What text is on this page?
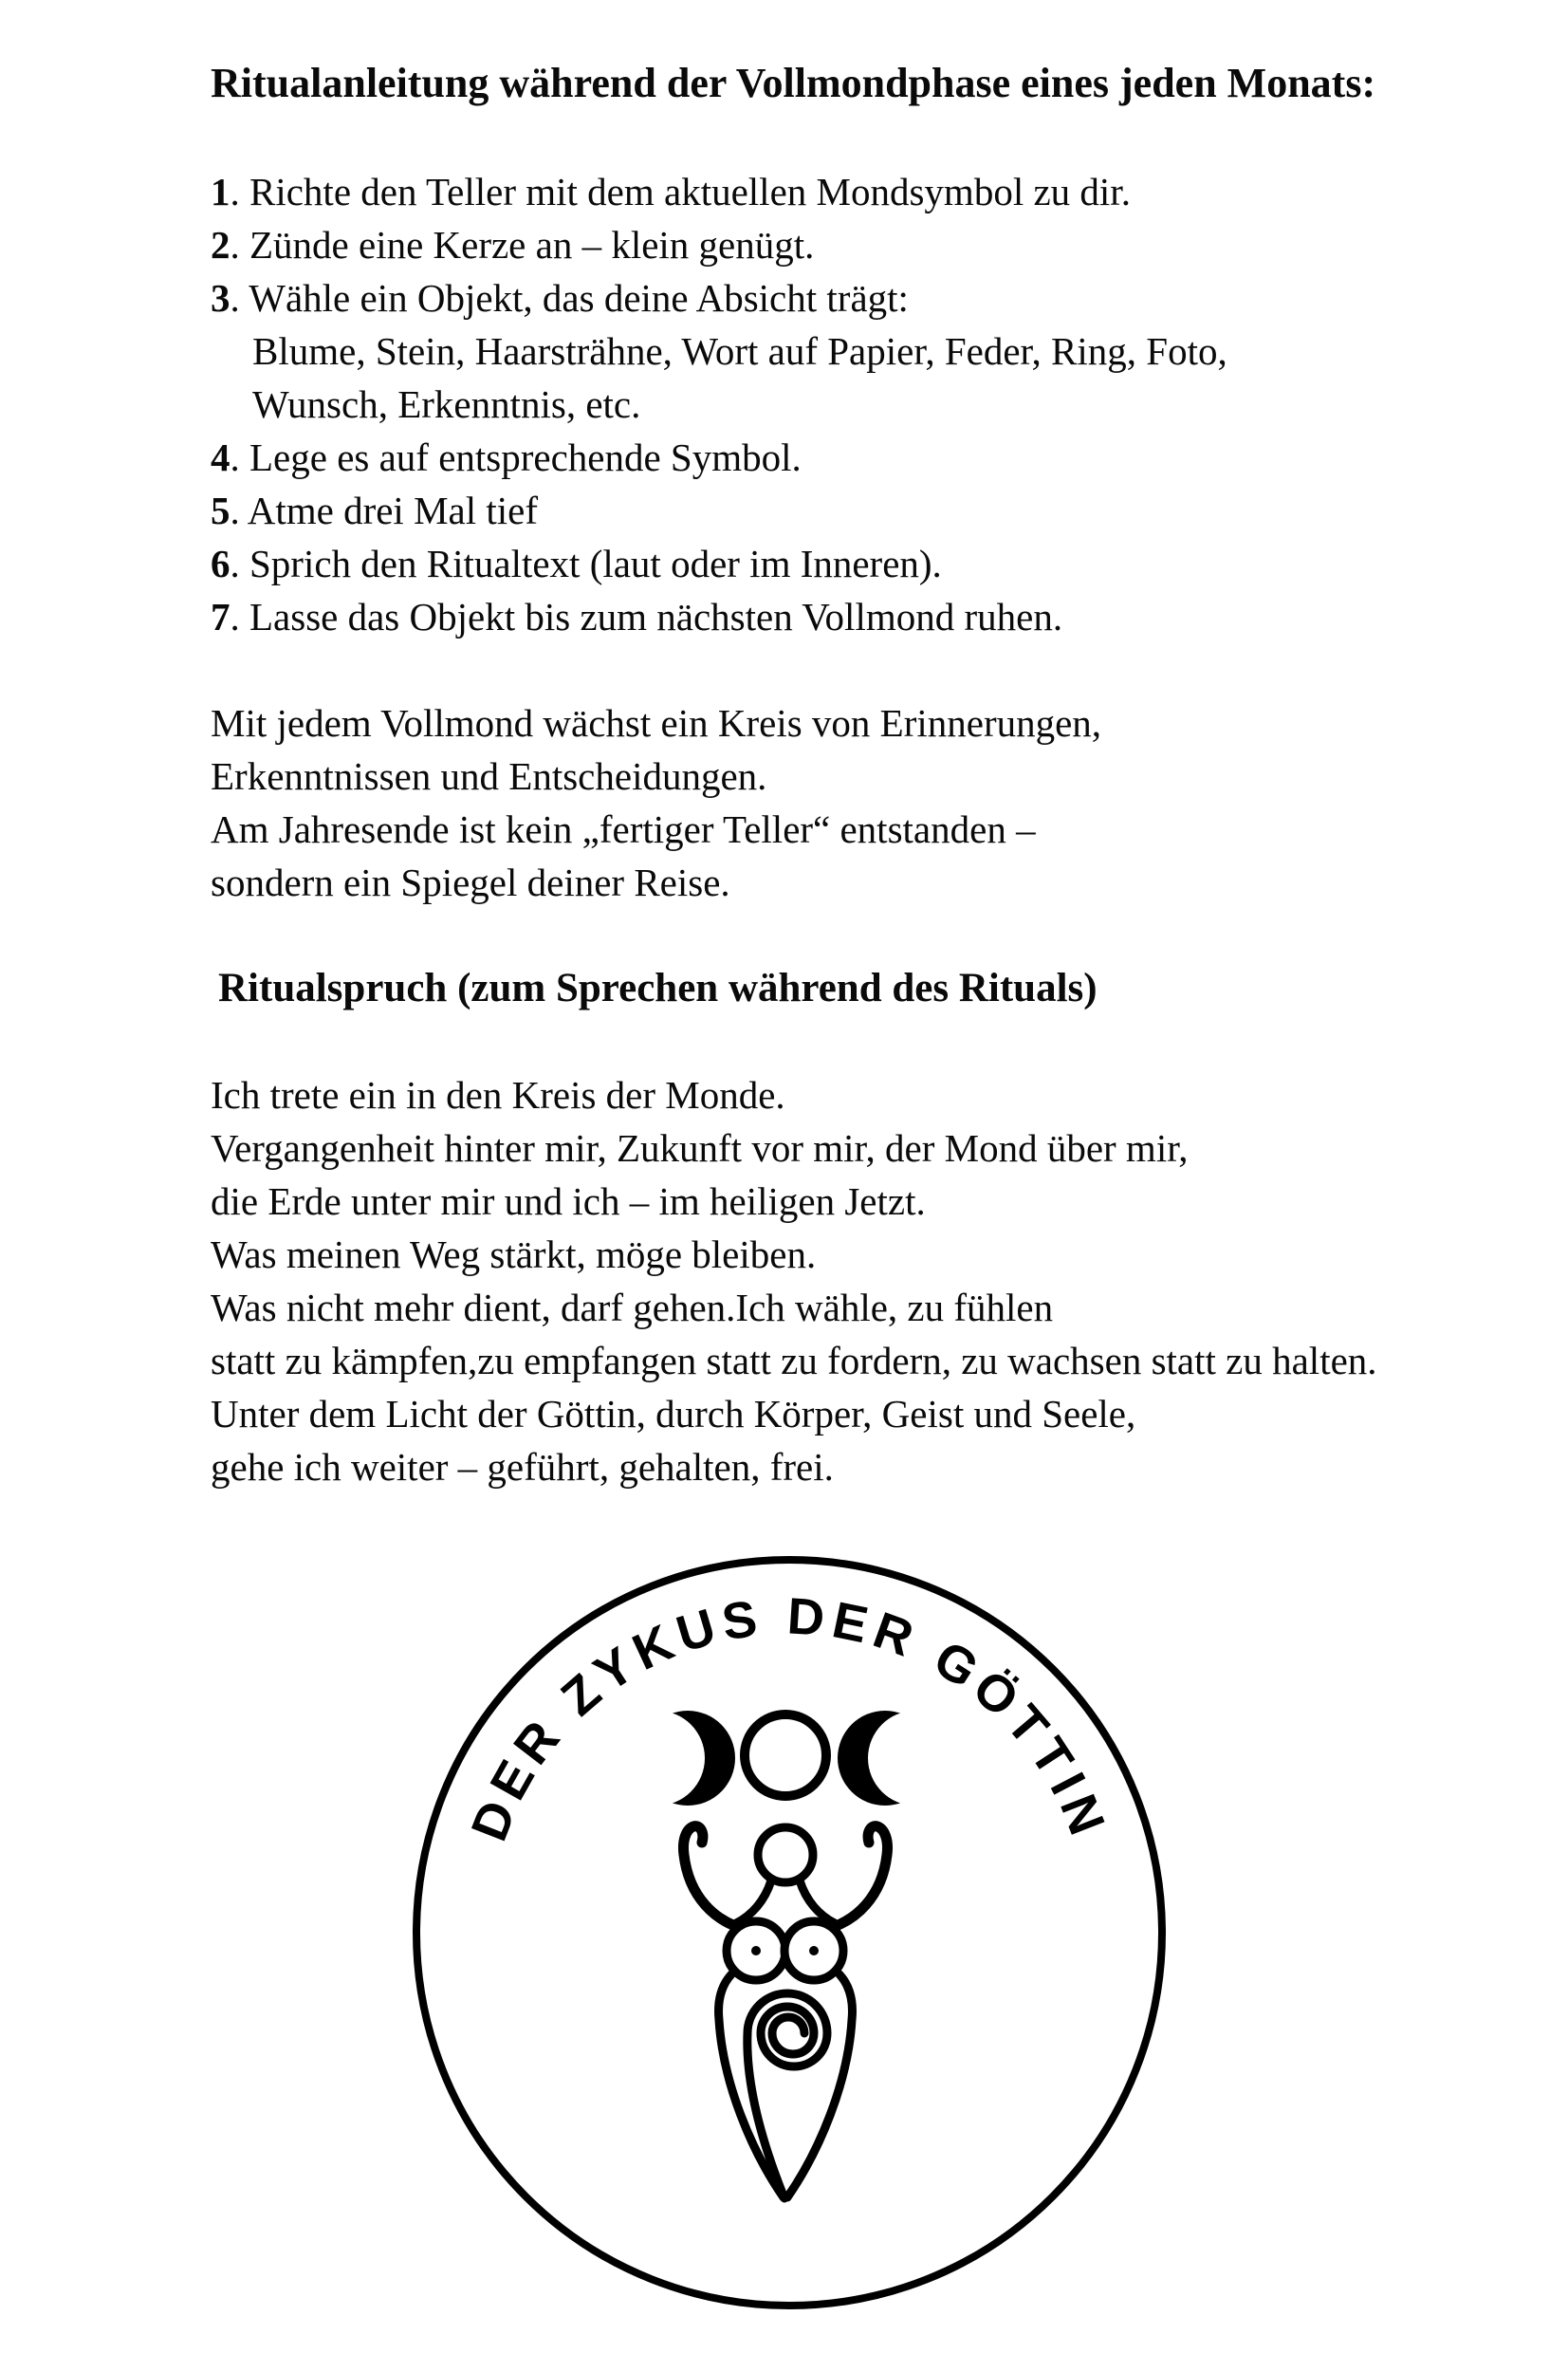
Ritualanleitung während der Vollmondphase eines jeden Monats:
1. Richte den Teller mit dem aktuellen Mondsymbol zu dir.
2. Zünde eine Kerze an – klein genügt.
3. Wähle ein Objekt, das deine Absicht trägt:
Blume, Stein, Haarsträhne, Wort auf Papier, Feder, Ring, Foto,
Wunsch, Erkenntnis, etc.
4. Lege es auf entsprechende Symbol.
5. Atme drei Mal tief
6. Sprich den Ritualtext (laut oder im Inneren).
7. Lasse das Objekt bis zum nächsten Vollmond ruhen.
Mit jedem Vollmond wächst ein Kreis von Erinnerungen,
Erkenntnissen und Entscheidungen.
Am Jahresende ist kein „fertiger Teller“ entstanden –
sondern ein Spiegel deiner Reise.
Ritualspruch (zum Sprechen während des Rituals)
Ich trete ein in den Kreis der Monde.
Vergangenheit hinter mir, Zukunft vor mir, der Mond über mir,
die Erde unter mir und ich – im heiligen Jetzt.
Was meinen Weg stärkt, möge bleiben.
Was nicht mehr dient, darf gehen.Ich wähle, zu fühlen
statt zu kämpfen,zu empfangen statt zu fordern, zu wachsen statt zu halten.
Unter dem Licht der Göttin, durch Körper, Geist und Seele,
gehe ich weiter – geführt, gehalten, frei.
DER ZYKUS DER GÖTTIN
